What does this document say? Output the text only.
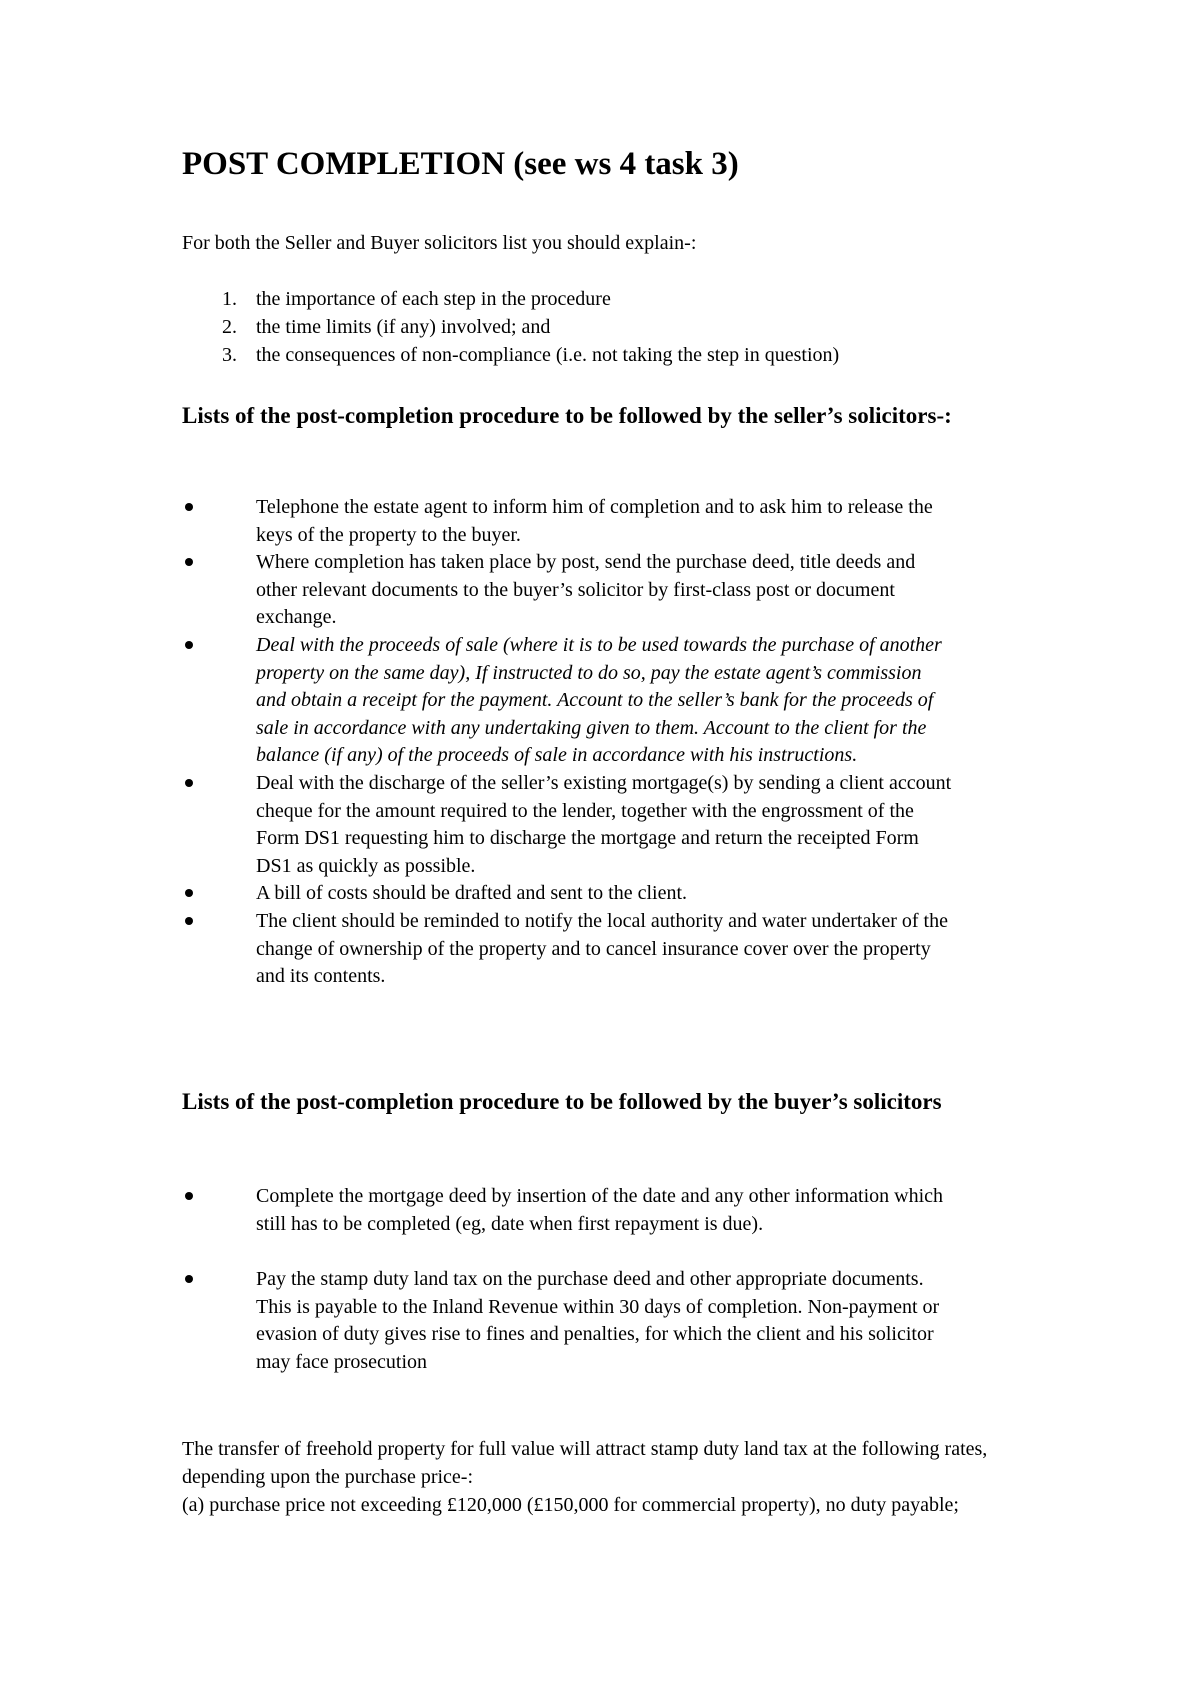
POST COMPLETION (see ws 4 task 3)

For both the Seller and Buyer solicitors list you should explain-:

1. the importance of each step in the procedure
2. the time limits (if any) involved; and
3. the consequences of non-compliance (i.e. not taking the step in question)
Lists of the post-completion procedure to be followed by the seller’s solicitors-:
Telephone the estate agent to inform him of completion and to ask him to release the keys of the property to the buyer.
Where completion has taken place by post, send the purchase deed, title deeds and other relevant documents to the buyer’s solicitor by first-class post or document exchange.
Deal with the proceeds of sale (where it is to be used towards the purchase of another property on the same day), If instructed to do so, pay the estate agent’s commission and obtain a receipt for the payment. Account to the seller’s bank for the proceeds of sale in accordance with any undertaking given to them. Account to the client for the balance (if any) of the proceeds of sale in accordance with his instructions.
Deal with the discharge of the seller’s existing mortgage(s) by sending a client account cheque for the amount required to the lender, together with the engrossment of the Form DS1 requesting him to discharge the mortgage and return the receipted Form DS1 as quickly as possible.
A bill of costs should be drafted and sent to the client.
The client should be reminded to notify the local authority and water undertaker of the change of ownership of the property and to cancel insurance cover over the property and its contents.
Lists of the post-completion procedure to be followed by the buyer’s solicitors
Complete the mortgage deed by insertion of the date and any other information which still has to be completed (eg, date when first repayment is due).
Pay the stamp duty land tax on the purchase deed and other appropriate documents. This is payable to the Inland Revenue within 30 days of completion. Non-payment or evasion of duty gives rise to fines and penalties, for which the client and his solicitor may face prosecution

The transfer of freehold property for full value will attract stamp duty land tax at the following rates, depending upon the purchase price-:

(a) purchase price not exceeding £120,000 (£150,000 for commercial property), no duty payable;
